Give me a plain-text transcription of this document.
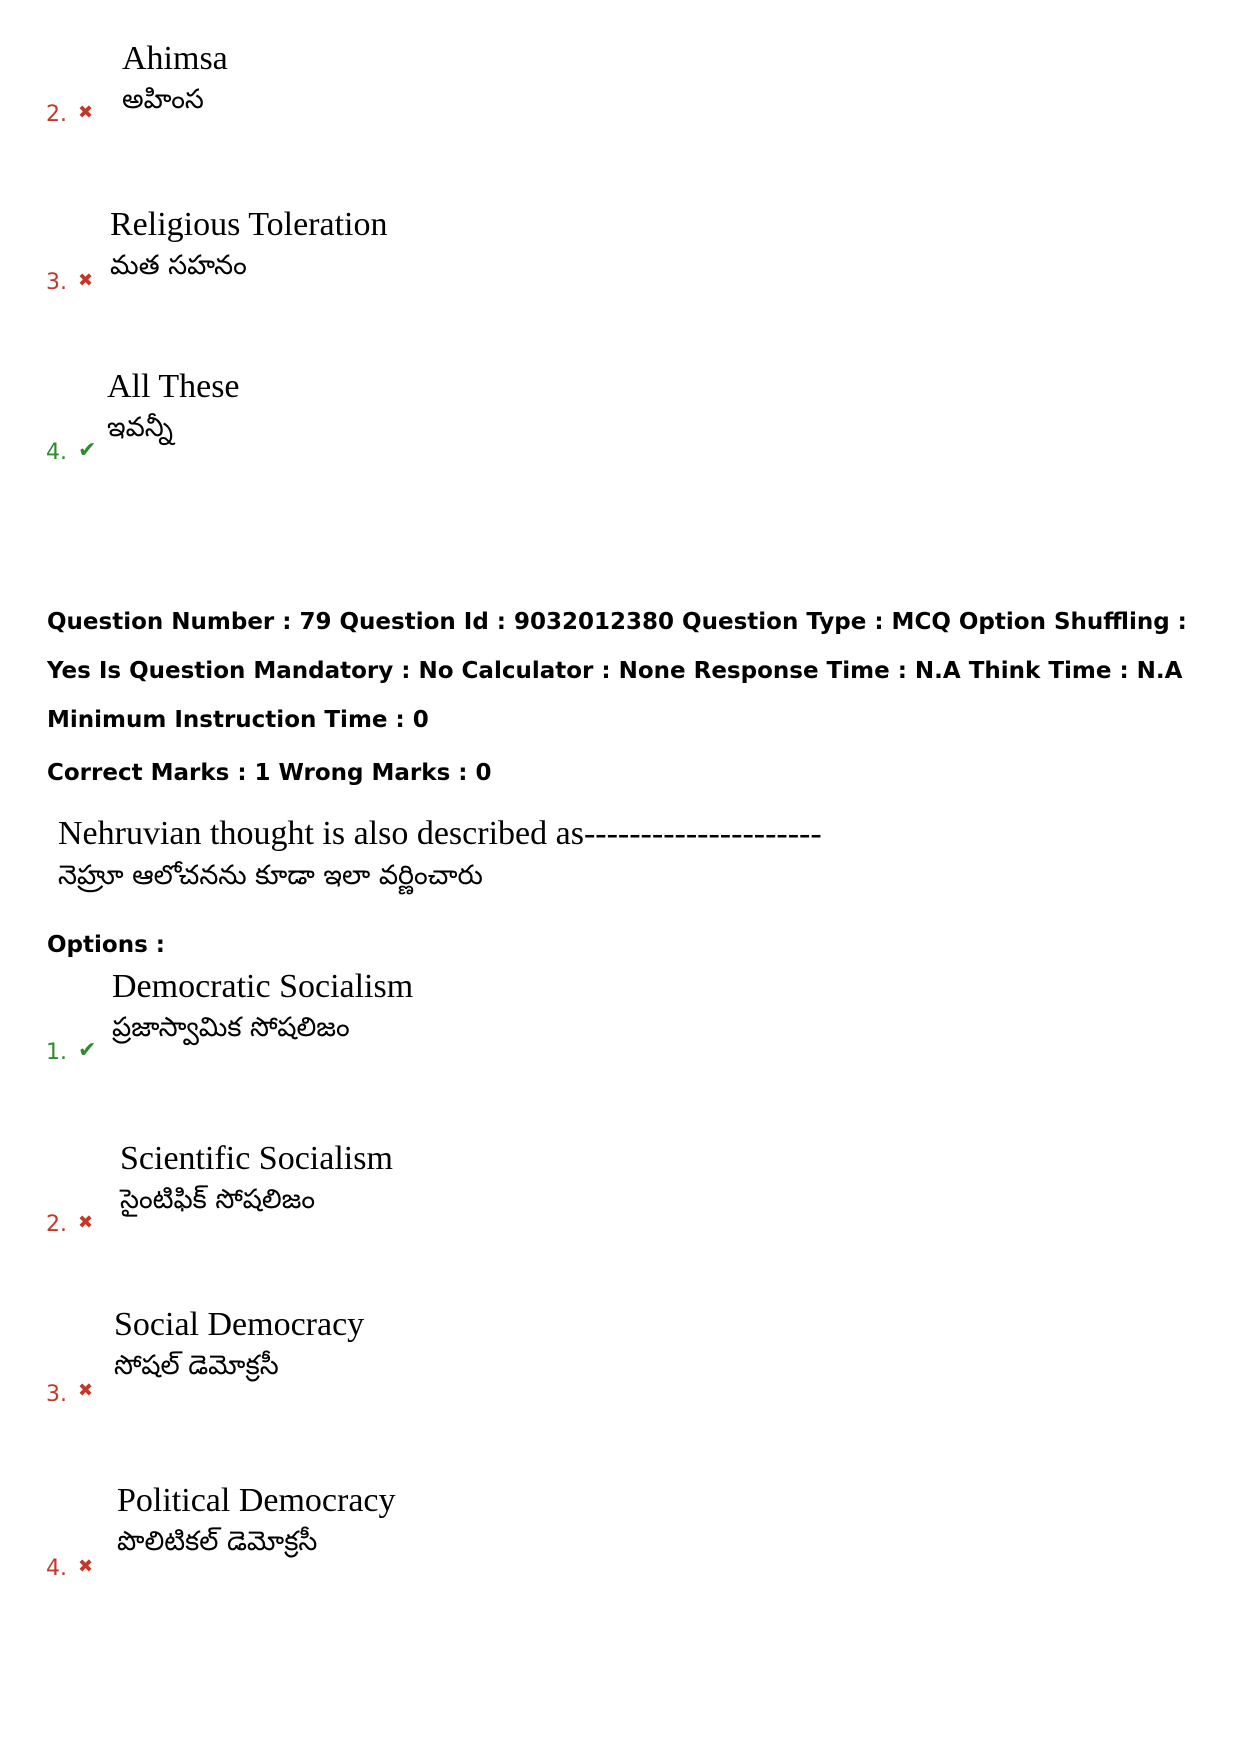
Ahimsa
అహింస
2. ✖
Religious Toleration
మత సహనం
3. ✖
All These
ఇవన్నీ
4. ✔
Question Number : 79 Question Id : 9032012380 Question Type : MCQ Option Shuffling : Yes Is Question Mandatory : No Calculator : None Response Time : N.A Think Time : N.A Minimum Instruction Time : 0
Correct Marks : 1 Wrong Marks : 0
Nehruvian thought is also described as---------------------
నెహ్రూ ఆలోచనను కూడా ఇలా వర్ణించారు
Options :
Democratic Socialism
ప్రజాస్వామిక సోషలిజం
1. ✔
Scientific Socialism
సైంటిఫిక్ సోషలిజం
2. ✖
Social Democracy
సోషల్ డెమోక్రసీ
3. ✖
Political Democracy
పొలిటికల్ డెమోక్రసీ
4. ✖
